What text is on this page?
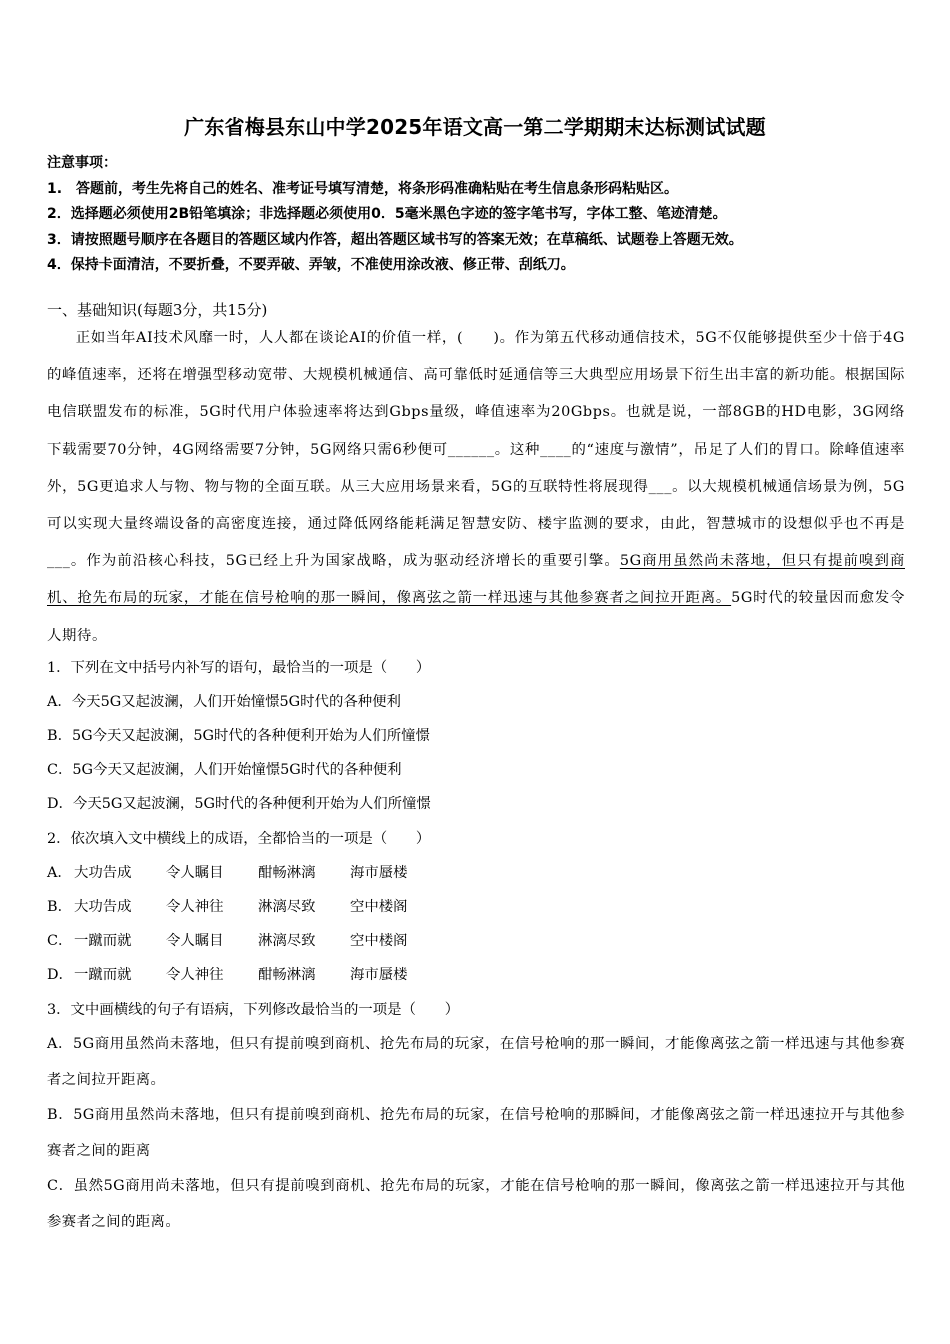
广东省梅县东山中学2025年语文高一第二学期期末达标测试试题
注意事项：
1.　答题前，考生先将自己的姓名、准考证号填写清楚，将条形码准确粘贴在考生信息条形码粘贴区。
2．选择题必须使用2B铅笔填涂；非选择题必须使用0．5毫米黑色字迹的签字笔书写，字体工整、笔迹清楚。
3．请按照题号顺序在各题目的答题区域内作答，超出答题区域书写的答案无效；在草稿纸、试题卷上答题无效。
4．保持卡面清洁，不要折叠，不要弄破、弄皱，不准使用涂改液、修正带、刮纸刀。
一、基础知识(每题3分，共15分)
正如当年AI技术风靡一时，人人都在谈论AI的价值一样，(　　)。作为第五代移动通信技术，5G不仅能够提供至少十倍于4G的峰值速率，还将在增强型移动宽带、大规模机械通信、高可靠低时延通信等三大典型应用场景下衍生出丰富的新功能。根据国际电信联盟发布的标准，5G时代用户体验速率将达到Gbps量级，峰值速率为20Gbps。也就是说，一部8GB的HD电影，3G网络下载需要70分钟，4G网络需要7分钟，5G网络只需6秒便可______。这种____的“速度与激情”，吊足了人们的胃口。除峰值速率外，5G更追求人与物、物与物的全面互联。从三大应用场景来看，5G的互联特性将展现得___。以大规模机械通信场景为例，5G可以实现大量终端设备的高密度连接，通过降低网络能耗满足智慧安防、楼宇监测的要求，由此，智慧城市的设想似乎也不再是___。作为前沿核心科技，5G已经上升为国家战略，成为驱动经济增长的重要引擎。5G商用虽然尚未落地，但只有提前嗅到商机、抢先布局的玩家，才能在信号枪响的那一瞬间，像离弦之箭一样迅速与其他参赛者之间拉开距离。5G时代的较量因而愈发令人期待。
1．下列在文中括号内补写的语句，最恰当的一项是（　　）
A．今天5G又起波澜，人们开始憧憬5G时代的各种便利
B．5G今天又起波澜，5G时代的各种便利开始为人们所憧憬
C．5G今天又起波澜，人们开始憧憬5G时代的各种便利
D．今天5G又起波澜，5G时代的各种便利开始为人们所憧憬
2．依次填入文中横线上的成语，全都恰当的一项是（　　）
A． 大功告成	令人瞩目	酣畅淋漓	海市蜃楼
B． 大功告成	令人神往	淋漓尽致	空中楼阁
C． 一蹴而就	令人瞩目	淋漓尽致	空中楼阁
D． 一蹴而就	令人神往	酣畅淋漓	海市蜃楼
3．文中画横线的句子有语病，下列修改最恰当的一项是（　　）
A．5G商用虽然尚未落地，但只有提前嗅到商机、抢先布局的玩家，在信号枪响的那一瞬间，才能像离弦之箭一样迅速与其他参赛者之间拉开距离。
B．5G商用虽然尚未落地，但只有提前嗅到商机、抢先布局的玩家，在信号枪响的那瞬间，才能像离弦之箭一样迅速拉开与其他参赛者之间的距离
C．虽然5G商用尚未落地，但只有提前嗅到商机、抢先布局的玩家，才能在信号枪响的那一瞬间，像离弦之箭一样迅速拉开与其他参赛者之间的距离。
